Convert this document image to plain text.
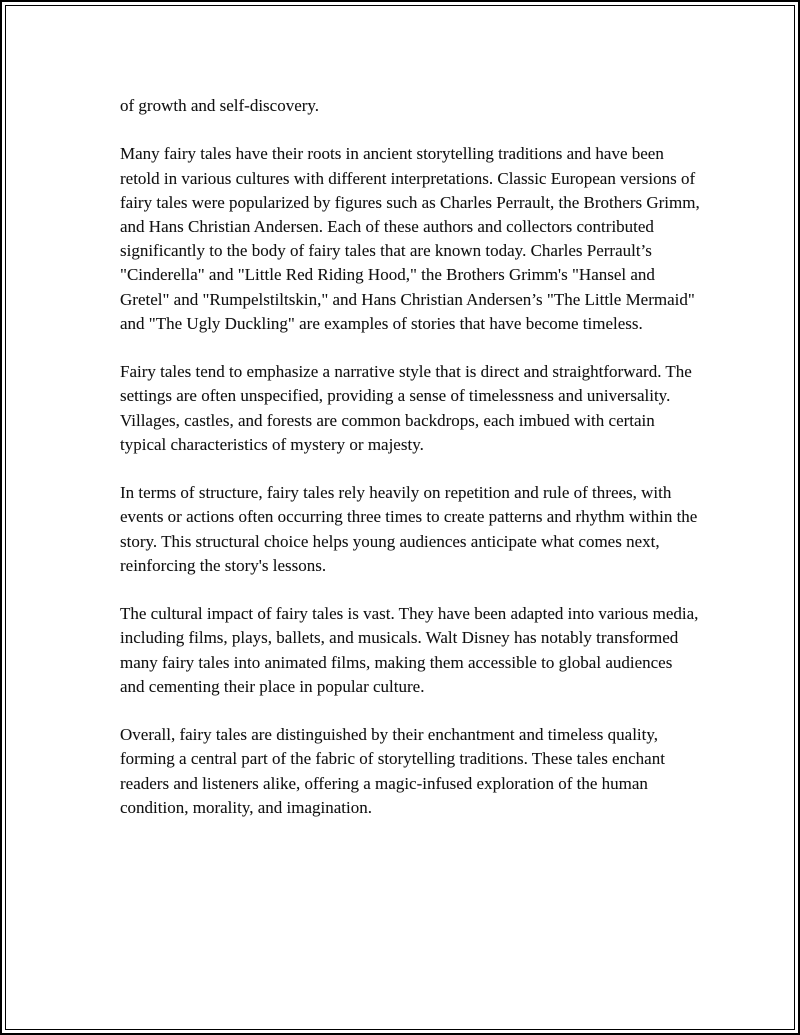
of growth and self-discovery.

Many fairy tales have their roots in ancient storytelling traditions and have been retold in various cultures with different interpretations. Classic European versions of fairy tales were popularized by figures such as Charles Perrault, the Brothers Grimm, and Hans Christian Andersen. Each of these authors and collectors contributed significantly to the body of fairy tales that are known today. Charles Perrault’s "Cinderella" and "Little Red Riding Hood," the Brothers Grimm's "Hansel and Gretel" and "Rumpelstiltskin," and Hans Christian Andersen’s "The Little Mermaid" and "The Ugly Duckling" are examples of stories that have become timeless.

Fairy tales tend to emphasize a narrative style that is direct and straightforward. The settings are often unspecified, providing a sense of timelessness and universality. Villages, castles, and forests are common backdrops, each imbued with certain typical characteristics of mystery or majesty.

In terms of structure, fairy tales rely heavily on repetition and rule of threes, with events or actions often occurring three times to create patterns and rhythm within the story. This structural choice helps young audiences anticipate what comes next, reinforcing the story's lessons.

The cultural impact of fairy tales is vast. They have been adapted into various media, including films, plays, ballets, and musicals. Walt Disney has notably transformed many fairy tales into animated films, making them accessible to global audiences and cementing their place in popular culture.

Overall, fairy tales are distinguished by their enchantment and timeless quality, forming a central part of the fabric of storytelling traditions. These tales enchant readers and listeners alike, offering a magic-infused exploration of the human condition, morality, and imagination.
